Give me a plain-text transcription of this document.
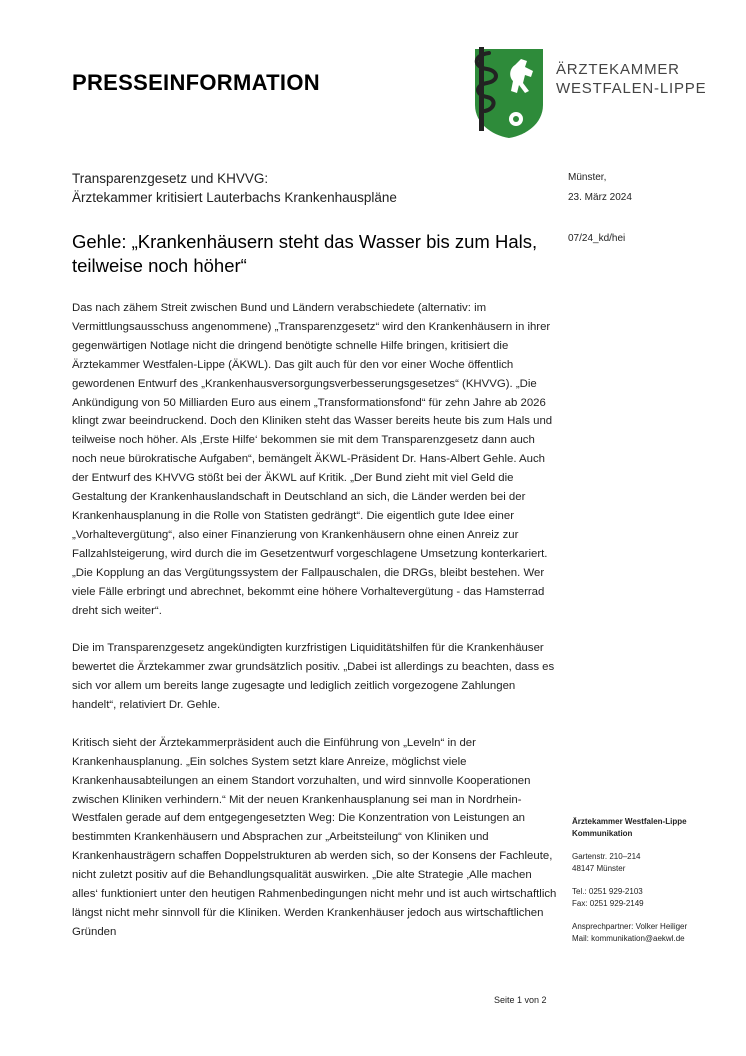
PRESSEINFORMATION
ÄRZTEKAMMER
WESTFALEN-LIPPE
Transparenzgesetz und KHVVG:
Ärztekammer kritisiert Lauterbachs Krankenhauspläne
Münster,
23. März 2024
07/24_kd/hei
Gehle: „Krankenhäusern steht das Wasser bis zum Hals, teilweise noch höher“

Das nach zähem Streit zwischen Bund und Ländern verabschiedete (alternativ: im Vermittlungsausschuss angenommene) „Transparenzgesetz“ wird den Krankenhäusern in ihrer gegenwärtigen Notlage nicht die dringend benötigte schnelle Hilfe bringen, kritisiert die Ärztekammer Westfalen-Lippe (ÄKWL). Das gilt auch für den vor einer Woche öffentlich gewordenen Entwurf des „Krankenhausversorgungsverbesserungsgesetzes“ (KHVVG). „Die Ankündigung von 50 Milliarden Euro aus einem „Transformationsfond“ für zehn Jahre ab 2026 klingt zwar beeindruckend. Doch den Kliniken steht das Wasser bereits heute bis zum Hals und teilweise noch höher. Als ‚Erste Hilfe‘ bekommen sie mit dem Transparenzgesetz dann auch noch neue bürokratische Aufgaben“, bemängelt ÄKWL-Präsident Dr. Hans-Albert Gehle. Auch der Entwurf des KHVVG stößt bei der ÄKWL auf Kritik. „Der Bund zieht mit viel Geld die Gestaltung der Krankenhauslandschaft in Deutschland an sich, die Länder werden bei der Krankenhausplanung in die Rolle von Statisten gedrängt“. Die eigentlich gute Idee einer „Vorhaltevergütung“, also einer Finanzierung von Krankenhäusern ohne einen Anreiz zur Fallzahlsteigerung, wird durch die im Gesetzentwurf vorgeschlagene Umsetzung konterkariert. „Die Kopplung an das Vergütungssystem der Fallpauschalen, die DRGs, bleibt bestehen. Wer viele Fälle erbringt und abrechnet, bekommt eine höhere Vorhaltevergütung - das Hamsterrad dreht sich weiter“.

Die im Transparenzgesetz angekündigten kurzfristigen Liquiditätshilfen für die Krankenhäuser bewertet die Ärztekammer zwar grundsätzlich positiv. „Dabei ist allerdings zu beachten, dass es sich vor allem um bereits lange zugesagte und lediglich zeitlich vorgezogene Zahlungen handelt“, relativiert Dr. Gehle.

Kritisch sieht der Ärztekammerpräsident auch die Einführung von „Leveln“ in der Krankenhausplanung. „Ein solches System setzt klare Anreize, möglichst viele Krankenhausabteilungen an einem Standort vorzuhalten, und wird sinnvolle Kooperationen zwischen Kliniken verhindern.“ Mit der neuen Krankenhausplanung sei man in Nordrhein-Westfalen gerade auf dem entgegengesetzten Weg: Die Konzentration von Leistungen an bestimmten Krankenhäusern und Absprachen zur „Arbeitsteilung“ von Kliniken und Krankenhausträgern schaffen Doppelstrukturen ab werden sich, so der Konsens der Fachleute, nicht zuletzt positiv auf die Behandlungsqualität auswirken. „Die alte Strategie ‚Alle machen alles‘ funktioniert unter den heutigen Rahmenbedingungen nicht mehr und ist auch wirtschaftlich längst nicht mehr sinnvoll für die Kliniken. Werden Krankenhäuser jedoch aus wirtschaftlichen Gründen

Ärztekammer Westfalen-Lippe
Kommunikation
Gartenstr. 210–214
48147 Münster
Tel.: 0251 929-2103
Fax: 0251 929-2149
Ansprechpartner: Volker Heiliger
Mail: kommunikation@aekwl.de
Seite 1 von 2
